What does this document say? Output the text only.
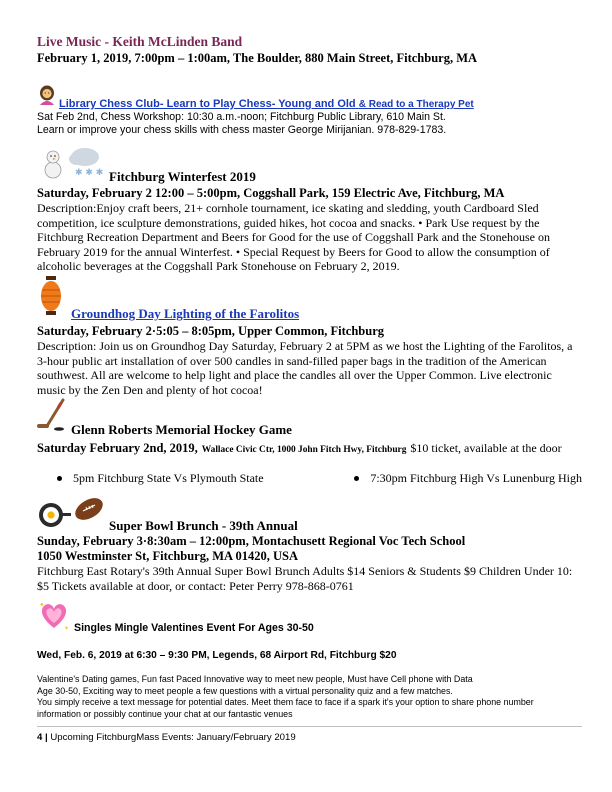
Live Music - Keith McLinden Band
February 1, 2019, 7:00pm – 1:00am, The Boulder, 880 Main Street, Fitchburg, MA
Library Chess Club- Learn to Play Chess- Young and Old & Read to a Therapy Pet
Sat Feb 2nd, Chess Workshop: 10:30 a.m.-noon; Fitchburg Public Library, 610 Main St.
Learn or improve your chess skills with chess master George Mirijanian. 978-829-1783.
✱ ✱ ✱ Fitchburg Winterfest 2019
Saturday, February 2 12:00 – 5:00pm, Coggshall Park, 159 Electric Ave, Fitchburg, MA
Description:Enjoy craft beers, 21+ cornhole tournament, ice skating and sledding, youth Cardboard Sled competition, ice sculpture demonstrations, guided hikes, hot cocoa and snacks. • Park Use request by the Fitchburg Recreation Department and Beers for Good for the use of Coggshall Park and the Stonehouse on February 2019 for the annual Winterfest. • Special Request by Beers for Good to allow the consumption of alcoholic beverages at the Coggshall Park Stonehouse on February 2, 2019.
Groundhog Day Lighting of the Farolitos
Saturday, February 2·5:05 – 8:05pm, Upper Common, Fitchburg
Description: Join us on Groundhog Day Saturday, February 2 at 5PM as we host the Lighting of the Farolitos, a 3-hour public art installation of over 500 candles in sand-filled paper bags in the tradition of the American southwest. All are welcome to help light and place the candles all over the Upper Common. Live electronic music by the Zen Den and plenty of hot cocoa!
Glenn Roberts Memorial Hockey Game
Saturday February 2nd, 2019, Wallace Civic Ctr, 1000 John Fitch Hwy, Fitchburg $10 ticket, available at the door
5pm Fitchburg State Vs Plymouth State	7:30pm Fitchburg High Vs Lunenburg High
Super Bowl Brunch - 39th Annual
Sunday, February 3·8:30am – 12:00pm, Montachusett Regional Voc Tech School
1050 Westminster St, Fitchburg, MA 01420, USA
Fitchburg East Rotary's 39th Annual Super Bowl Brunch Adults $14 Seniors & Students $9 Children Under 10: $5 Tickets available at door, or contact: Peter Perry 978-868-0761
✦
✦ Singles Mingle Valentines Event For Ages 30-50
Wed, Feb. 6, 2019 at 6:30 – 9:30 PM, Legends, 68 Airport Rd, Fitchburg $20
Valentine's Dating games, Fun fast Paced Innovative way to meet new people, Must have Cell phone with Data
Age 30-50, Exciting way to meet people a few questions with a virtual personality quiz and a few matches.
You simply receive a text message for potential dates. Meet them face to face if a spark it's your option to share phone number
information or possibly continue your chat at our fantastic venues
4 | Upcoming FitchburgMass Events: January/February 2019
